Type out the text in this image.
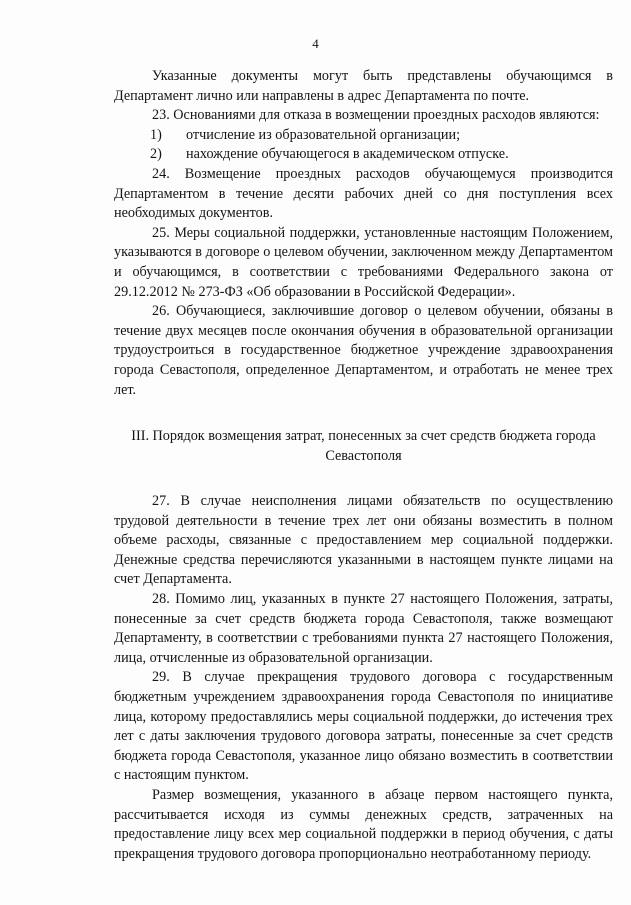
4

Указанные документы могут быть представлены обучающимся в Департамент лично или направлены в адрес Департамента по почте.

23. Основаниями для отказа в возмещении проездных расходов являются:

1)	отчисление из образовательной организации;
2)	нахождение обучающегося в академическом отпуске.

24. Возмещение проездных расходов обучающемуся производится Департаментом в течение десяти рабочих дней со дня поступления всех необходимых документов.

25. Меры социальной поддержки, установленные настоящим Положением, указываются в договоре о целевом обучении, заключенном между Департаментом и обучающимся, в соответствии с требованиями Федерального закона от 29.12.2012 № 273-ФЗ «Об образовании в Российской Федерации».

26. Обучающиеся, заключившие договор о целевом обучении, обязаны в течение двух месяцев после окончания обучения в образовательной организации трудоустроиться в государственное бюджетное учреждение здравоохранения города Севастополя, определенное Департаментом, и отработать не менее трех лет.

III. Порядок возмещения затрат, понесенных за счет средств бюджета города Севастополя

27. В случае неисполнения лицами обязательств по осуществлению трудовой деятельности в течение трех лет они обязаны возместить в полном объеме расходы, связанные с предоставлением мер социальной поддержки. Денежные средства перечисляются указанными в настоящем пункте лицами на счет Департамента.

28. Помимо лиц, указанных в пункте 27 настоящего Положения, затраты, понесенные за счет средств бюджета города Севастополя, также возмещают Департаменту, в соответствии с требованиями пункта 27 настоящего Положения, лица, отчисленные из образовательной организации.

29. В случае прекращения трудового договора с государственным бюджетным учреждением здравоохранения города Севастополя по инициативе лица, которому предоставлялись меры социальной поддержки, до истечения трех лет с даты заключения трудового договора затраты, понесенные за счет средств бюджета города Севастополя, указанное лицо обязано возместить в соответствии с настоящим пунктом.

Размер возмещения, указанного в абзаце первом настоящего пункта, рассчитывается исходя из суммы денежных средств, затраченных на предоставление лицу всех мер социальной поддержки в период обучения, с даты прекращения трудового договора пропорционально неотработанному периоду.
